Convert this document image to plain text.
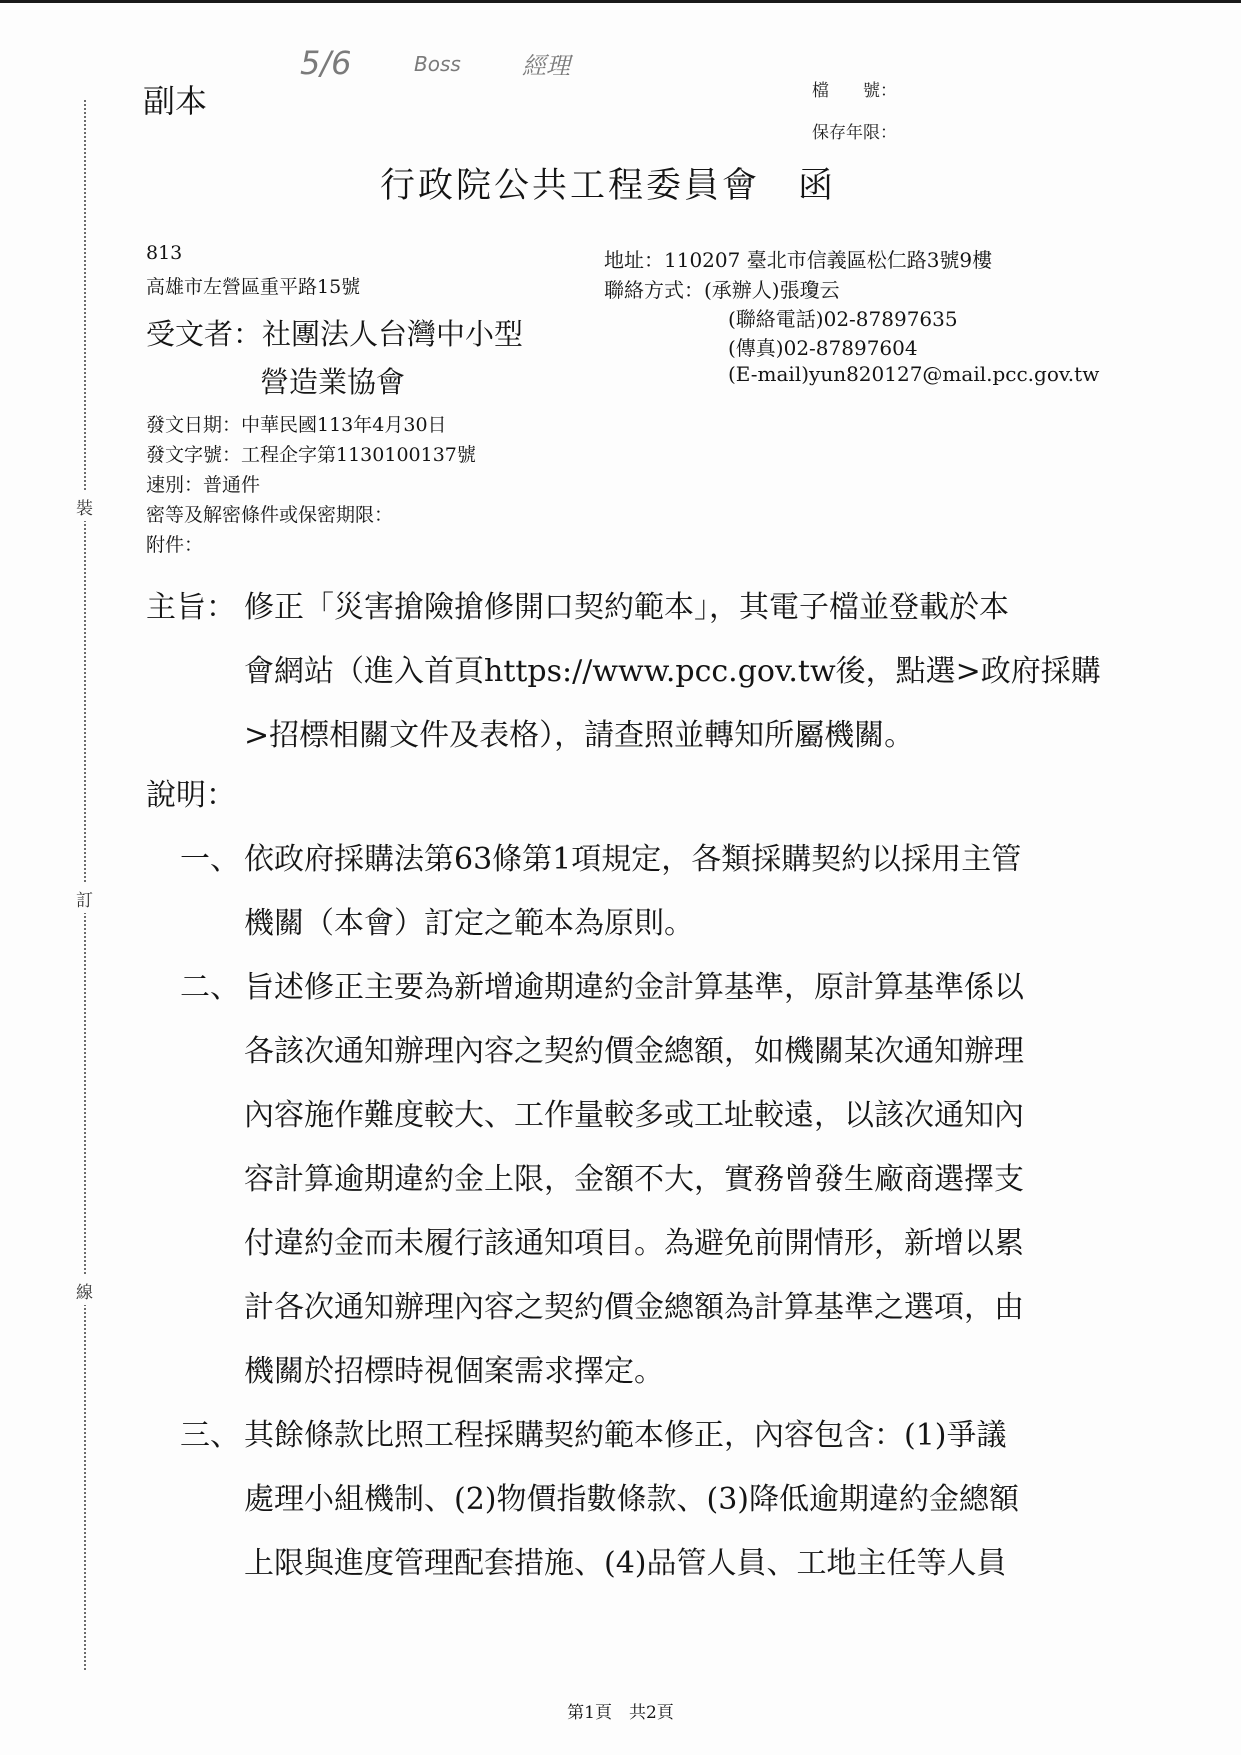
裝
訂
線
5/6	Boss	經理
副本	檔　　號：
保存年限：
行政院公共工程委員會　函
813
高雄市左營區重平路15號
地址：110207 臺北市信義區松仁路3號9樓
聯絡方式：(承辦人)張瓊云
(聯絡電話)02-87897635
(傳真)02-87897604
(E-mail)yun820127@mail.pcc.gov.tw
受文者：社團法人台灣中小型
營造業協會
發文日期：中華民國113年4月30日
發文字號：工程企字第1130100137號
速別：普通件
密等及解密條件或保密期限：
附件：
主旨： 修正「災害搶險搶修開口契約範本」，其電子檔並登載於本
會網站（進入首頁https://www.pcc.gov.tw後，點選>政府採購
>招標相關文件及表格），請查照並轉知所屬機關。
說明：
一、 依政府採購法第63條第1項規定，各類採購契約以採用主管
機關（本會）訂定之範本為原則。
二、 旨述修正主要為新增逾期違約金計算基準，原計算基準係以
各該次通知辦理內容之契約價金總額，如機關某次通知辦理
內容施作難度較大、工作量較多或工址較遠，以該次通知內
容計算逾期違約金上限，金額不大，實務曾發生廠商選擇支
付違約金而未履行該通知項目。為避免前開情形，新增以累
計各次通知辦理內容之契約價金總額為計算基準之選項，由
機關於招標時視個案需求擇定。
三、 其餘條款比照工程採購契約範本修正，內容包含：(1)爭議
處理小組機制、(2)物價指數條款、(3)降低逾期違約金總額
上限與進度管理配套措施、(4)品管人員、工地主任等人員
第1頁　共2頁
